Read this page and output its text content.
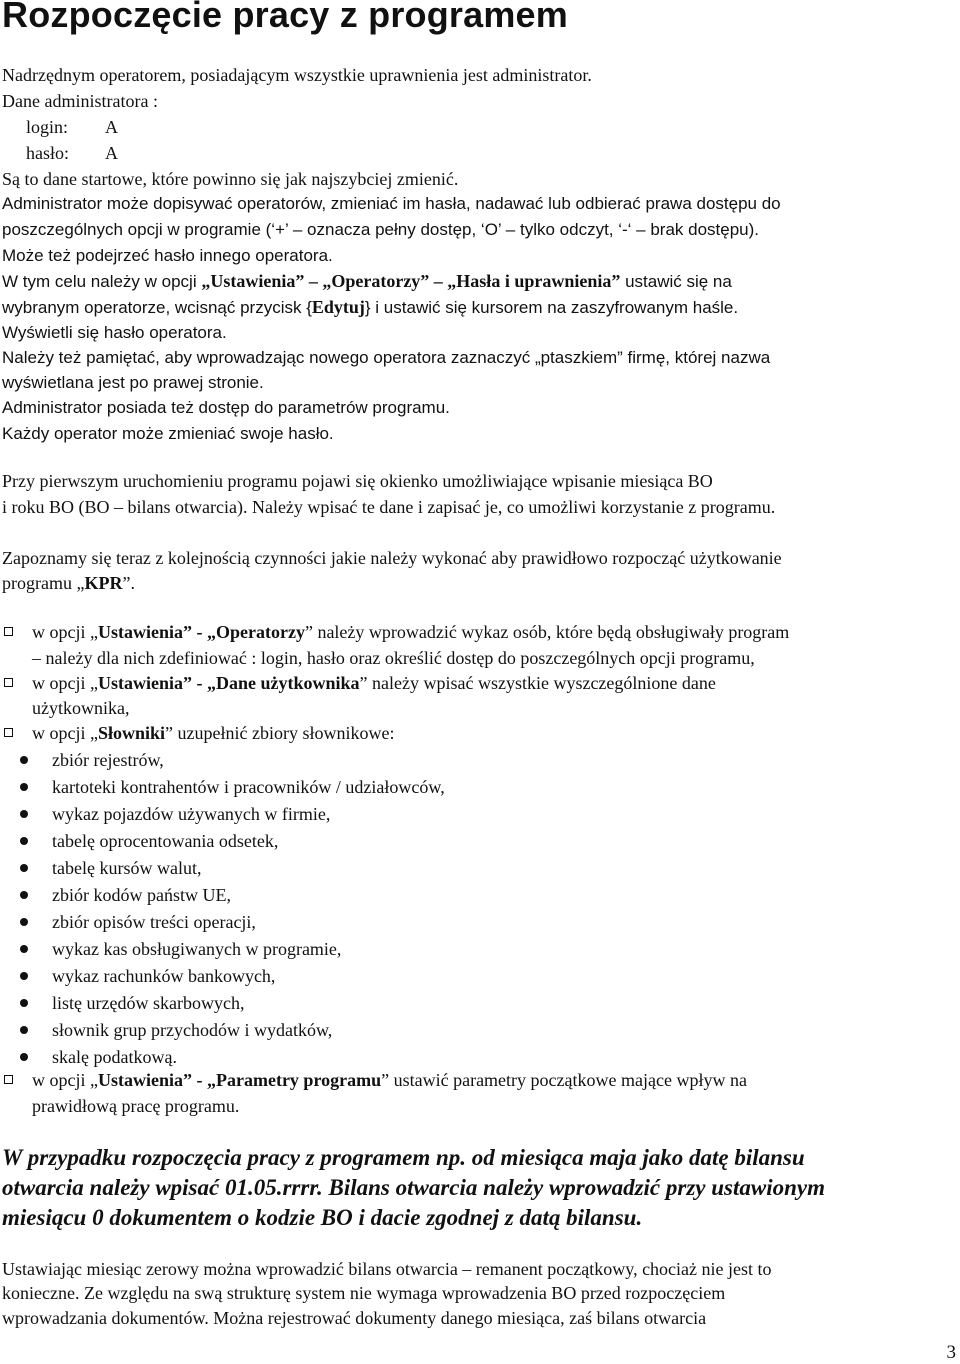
Rozpoczęcie pracy z programem
Nadrzędnym operatorem, posiadającym wszystkie uprawnienia jest administrator.
Dane administratora :
login: A
hasło: A
Są to dane startowe, które powinno się jak najszybciej zmienić.
Administrator może dopisywać operatorów, zmieniać im hasła, nadawać lub odbierać prawa dostępu do
poszczególnych opcji w programie (‘+’ – oznacza pełny dostęp, ‘O’ – tylko odczyt, ‘-‘ – brak dostępu).
Może też podejrzeć hasło innego operatora.
W tym celu należy w opcji „Ustawienia” – „Operatorzy” – „Hasła i uprawnienia” ustawić się na
wybranym operatorze, wcisnąć przycisk {Edytuj} i ustawić się kursorem na zaszyfrowanym haśle.
Wyświetli się hasło operatora.
Należy też pamiętać, aby wprowadzając nowego operatora zaznaczyć „ptaszkiem” firmę, której nazwa
wyświetlana jest po prawej stronie.
Administrator posiada też dostęp do parametrów programu.
Każdy operator może zmieniać swoje hasło.
Przy pierwszym uruchomieniu programu pojawi się okienko umożliwiające wpisanie miesiąca BO
i roku BO (BO – bilans otwarcia). Należy wpisać te dane i zapisać je, co umożliwi korzystanie z programu.
Zapoznamy się teraz z kolejnością czynności jakie należy wykonać aby prawidłowo rozpocząć użytkowanie
programu „KPR”.
w opcji „Ustawienia” - „Operatorzy” należy wprowadzić wykaz osób, które będą obsługiwały program
– należy dla nich zdefiniować : login, hasło oraz określić dostęp do poszczególnych opcji programu,
w opcji „Ustawienia” - „Dane użytkownika” należy wpisać wszystkie wyszczególnione dane
użytkownika,
w opcji „Słowniki” uzupełnić zbiory słownikowe:
zbiór rejestrów,
kartoteki kontrahentów i pracowników / udziałowców,
wykaz pojazdów używanych w firmie,
tabelę oprocentowania odsetek,
tabelę kursów walut,
zbiór kodów państw UE,
zbiór opisów treści operacji,
wykaz kas obsługiwanych w programie,
wykaz rachunków bankowych,
listę urzędów skarbowych,
słownik grup przychodów i wydatków,
skalę podatkową.
w opcji „Ustawienia” - „Parametry programu” ustawić parametry początkowe mające wpływ na
prawidłową pracę programu.
W przypadku rozpoczęcia pracy z programem np. od miesiąca maja jako datę bilansu
otwarcia należy wpisać 01.05.rrrr. Bilans otwarcia należy wprowadzić przy ustawionym
miesiącu 0 dokumentem o kodzie BO i dacie zgodnej z datą bilansu.
Ustawiając miesiąc zerowy można wprowadzić bilans otwarcia – remanent początkowy, chociaż nie jest to
konieczne. Ze względu na swą strukturę system nie wymaga wprowadzenia BO przed rozpoczęciem
wprowadzania dokumentów. Można rejestrować dokumenty danego miesiąca, zaś bilans otwarcia
3
